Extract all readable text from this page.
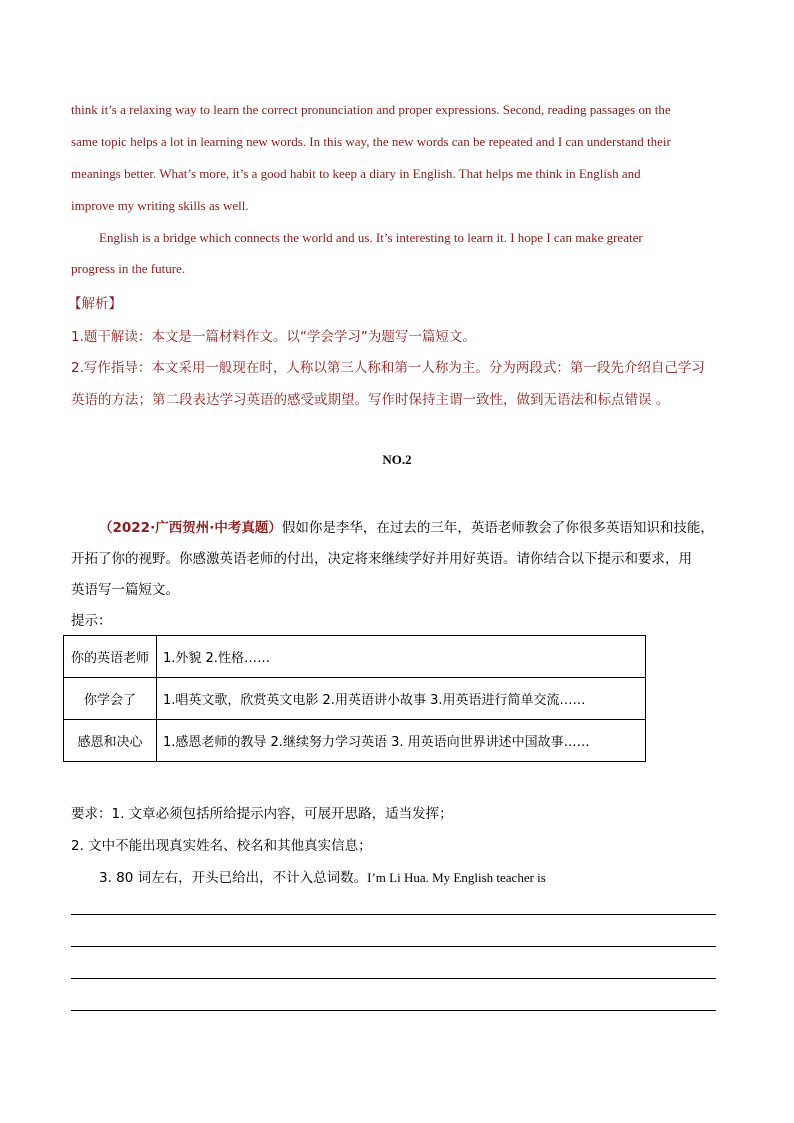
think it’s a relaxing way to learn the correct pronunciation and proper expressions. Second, reading passages on the
same topic helps a lot in learning new words. In this way, the new words can be repeated and I can understand their
meanings better. What’s more, it’s a good habit to keep a diary in English. That helps me think in English and
improve my writing skills as well.
English is a bridge which connects the world and us. It’s interesting to learn it. I hope I can make greater
progress in the future.
【解析】
1.题干解读：本文是一篇材料作文。以“学会学习”为题写一篇短文。
2.写作指导：本文采用一般现在时，人称以第三人称和第一人称为主。分为两段式：第一段先介绍自己学习
英语的方法；第二段表达学习英语的感受或期望。写作时保持主谓一致性，做到无语法和标点错误 。
NO.2
（2022·广西贺州·中考真题）假如你是李华，在过去的三年，英语老师教会了你很多英语知识和技能，
开拓了你的视野。你感激英语老师的付出，决定将来继续学好并用好英语。请你结合以下提示和要求，用
英语写一篇短文。
提示：
你的英语老师	1.外貌 2.性格……
你学会了	1.唱英文歌，欣赏英文电影 2.用英语讲小故事 3.用英语进行简单交流……
感恩和决心	1.感恩老师的教导 2.继续努力学习英语 3. 用英语向世界讲述中国故事……
要求：1. 文章必须包括所给提示内容，可展开思路，适当发挥；
2. 文中不能出现真实姓名、校名和其他真实信息；
3. 80 词左右，开头已给出，不计入总词数。I’m Li Hua. My English teacher is
